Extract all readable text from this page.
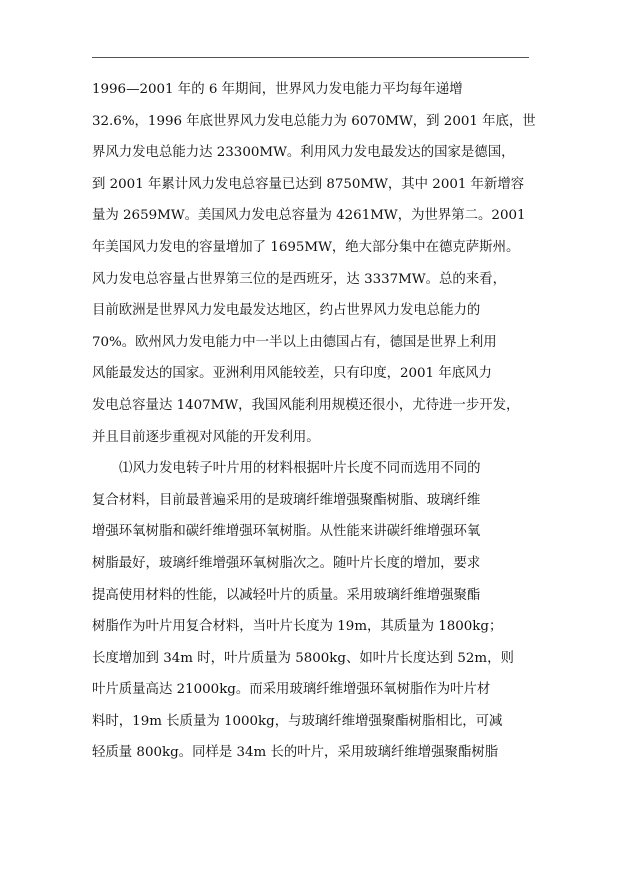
1996—2001 年的 6 年期间，世界风力发电能力平均每年递增
32.6%，1996 年底世界风力发电总能力为 6070MW，到 2001 年底，世
界风力发电总能力达 23300MW。利用风力发电最发达的国家是德国，
到 2001 年累计风力发电总容量已达到 8750MW，其中 2001 年新增容
量为 2659MW。美国风力发电总容量为 4261MW，为世界第二。2001
年美国风力发电的容量增加了 1695MW，绝大部分集中在德克萨斯州。
风力发电总容量占世界第三位的是西班牙，达 3337MW。总的来看，
目前欧洲是世界风力发电最发达地区，约占世界风力发电总能力的
70%。欧州风力发电能力中一半以上由德国占有，德国是世界上利用
风能最发达的国家。亚洲利用风能较差，只有印度，2001 年底风力
发电总容量达 1407MW，我国风能利用规模还很小，尤待进一步开发，
并且目前逐步重视对风能的开发利用。
⑴风力发电转子叶片用的材料根据叶片长度不同而选用不同的
复合材料，目前最普遍采用的是玻璃纤维增强聚酯树脂、玻璃纤维
增强环氧树脂和碳纤维增强环氧树脂。从性能来讲碳纤维增强环氧
树脂最好，玻璃纤维增强环氧树脂次之。随叶片长度的增加，要求
提高使用材料的性能，以减轻叶片的质量。采用玻璃纤维增强聚酯
树脂作为叶片用复合材料，当叶片长度为 19m，其质量为 1800kg；
长度增加到 34m 时，叶片质量为 5800kg、如叶片长度达到 52m，则
叶片质量高达 21000kg。而采用玻璃纤维增强环氧树脂作为叶片材
料时，19m 长质量为 1000kg，与玻璃纤维增强聚酯树脂相比，可减
轻质量 800kg。同样是 34m 长的叶片，采用玻璃纤维增强聚酯树脂
